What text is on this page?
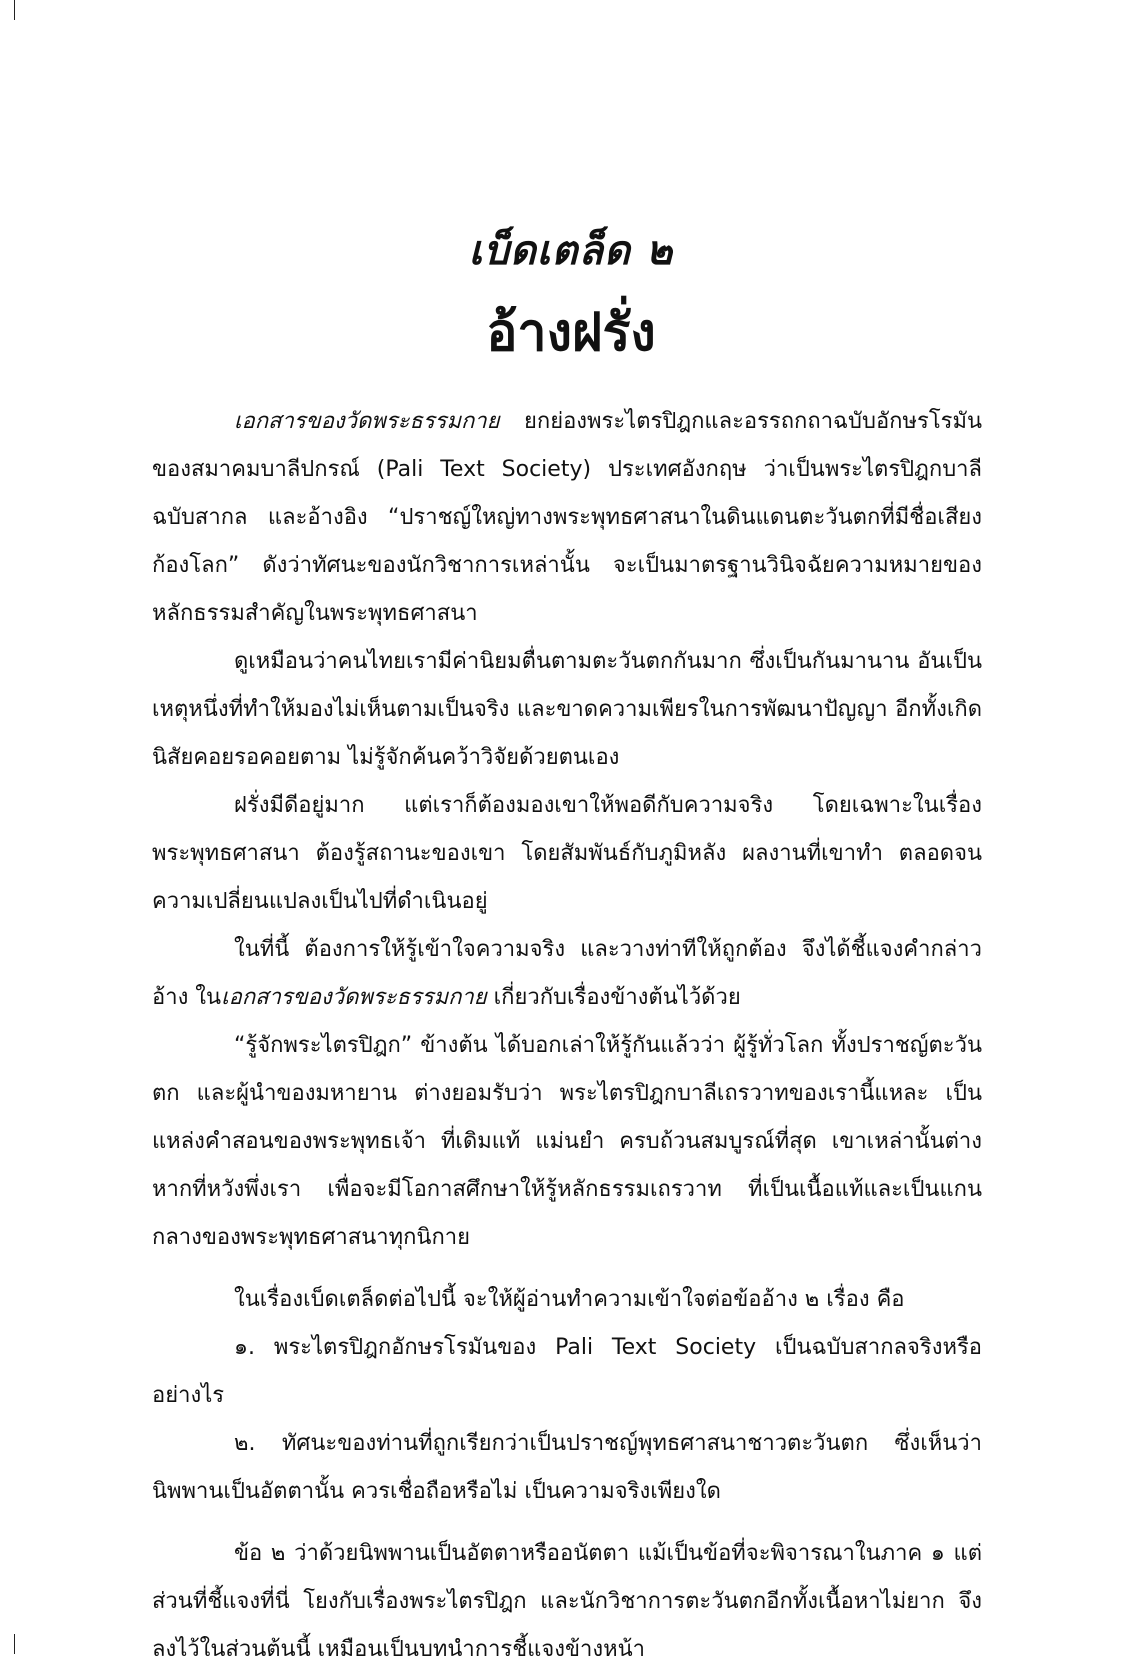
เบ็ดเตล็ด ๒
อ้างฝรั่ง

เอกสารของวัดพระธรรมกาย ยกย่องพระไตรปิฎกและอรรถกถาฉบับอักษรโรมัน ของสมาคมบาลีปกรณ์ (Pali Text Society) ประเทศอังกฤษ ว่าเป็นพระไตรปิฎกบาลี ฉบับสากล และอ้างอิง “ปราชญ์ใหญ่ทางพระพุทธศาสนาในดินแดนตะวันตกที่มีชื่อเสียงก้องโลก” ดังว่าทัศนะของนักวิชาการเหล่านั้น จะเป็นมาตรฐานวินิจฉัยความหมายของหลักธรรมสำคัญในพระพุทธศาสนา

ดูเหมือนว่าคนไทยเรามีค่านิยมตื่นตามตะวันตกกันมาก ซึ่งเป็นกันมานาน อันเป็นเหตุหนึ่งที่ทำให้มองไม่เห็นตามเป็นจริง และขาดความเพียรในการพัฒนาปัญญา อีกทั้งเกิดนิสัยคอยรอคอยตาม ไม่รู้จักค้นคว้าวิจัยด้วยตนเอง

ฝรั่งมีดีอยู่มาก แต่เราก็ต้องมองเขาให้พอดีกับความจริง โดยเฉพาะในเรื่องพระพุทธศาสนา ต้องรู้สถานะของเขา โดยสัมพันธ์กับภูมิหลัง ผลงานที่เขาทำ ตลอดจนความเปลี่ยนแปลงเป็นไปที่ดำเนินอยู่

ในที่นี้ ต้องการให้รู้เข้าใจความจริง และวางท่าทีให้ถูกต้อง จึงได้ชี้แจงคำกล่าวอ้าง ในเอกสารของวัดพระธรรมกาย เกี่ยวกับเรื่องข้างต้นไว้ด้วย

“รู้จักพระไตรปิฎก” ข้างต้น ได้บอกเล่าให้รู้กันแล้วว่า ผู้รู้ทั่วโลก ทั้งปราชญ์ตะวันตก และผู้นำของมหายาน ต่างยอมรับว่า พระไตรปิฎกบาลีเถรวาทของเรานี้แหละ เป็นแหล่งคำสอนของพระพุทธเจ้า ที่เดิมแท้ แม่นยำ ครบถ้วนสมบูรณ์ที่สุด เขาเหล่านั้นต่างหากที่หวังพึ่งเรา เพื่อจะมีโอกาสศึกษาให้รู้หลักธรรมเถรวาท ที่เป็นเนื้อแท้และเป็นแกนกลางของพระพุทธศาสนาทุกนิกาย

ในเรื่องเบ็ดเตล็ดต่อไปนี้ จะให้ผู้อ่านทำความเข้าใจต่อข้ออ้าง ๒ เรื่อง คือ

๑. พระไตรปิฎกอักษรโรมันของ Pali Text Society เป็นฉบับสากลจริงหรืออย่างไร

๒. ทัศนะของท่านที่ถูกเรียกว่าเป็นปราชญ์พุทธศาสนาชาวตะวันตก ซึ่งเห็นว่านิพพานเป็นอัตตานั้น ควรเชื่อถือหรือไม่ เป็นความจริงเพียงใด

ข้อ ๒ ว่าด้วยนิพพานเป็นอัตตาหรืออนัตตา แม้เป็นข้อที่จะพิจารณาในภาค ๑ แต่ส่วนที่ชี้แจงที่นี่ โยงกับเรื่องพระไตรปิฎก และนักวิชาการตะวันตกอีกทั้งเนื้อหาไม่ยาก จึงลงไว้ในส่วนต้นนี้ เหมือนเป็นบทนำการชี้แจงข้างหน้า
